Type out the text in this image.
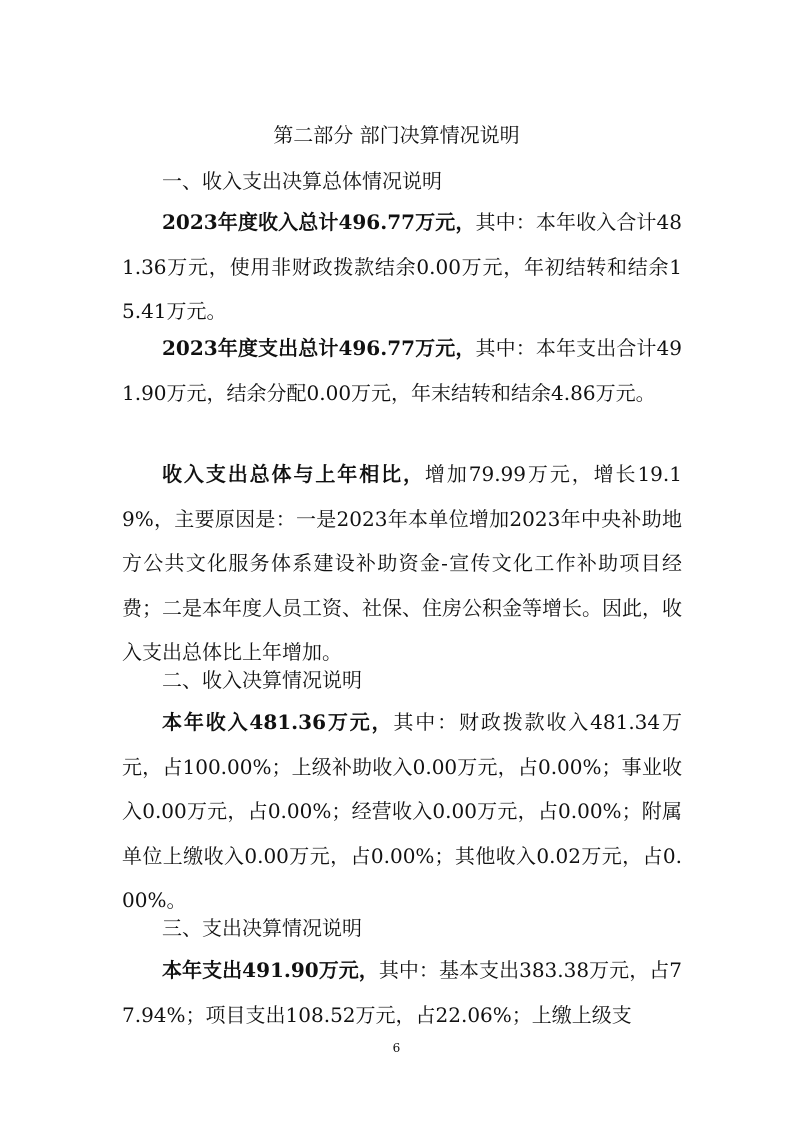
第二部分 部门决算情况说明
一、收入支出决算总体情况说明

2023年度收入总计496.77万元，其中：本年收入合计481.36万元，使用非财政拨款结余0.00万元，年初结转和结余15.41万元。

2023年度支出总计496.77万元，其中：本年支出合计491.90万元，结余分配0.00万元，年末结转和结余4.86万元。

收入支出总体与上年相比，增加79.99万元，增长19.19%，主要原因是：一是2023年本单位增加2023年中央补助地方公共文化服务体系建设补助资金-宣传文化工作补助项目经费；二是本年度人员工资、社保、住房公积金等增长。因此，收入支出总体比上年增加。

二、收入决算情况说明

本年收入481.36万元，其中：财政拨款收入481.34万元，占100.00%；上级补助收入0.00万元，占0.00%；事业收入0.00万元，占0.00%；经营收入0.00万元，占0.00%；附属单位上缴收入0.00万元，占0.00%；其他收入0.02万元，占0.00%。

三、支出决算情况说明

本年支出491.90万元，其中：基本支出383.38万元，占77.94%；项目支出108.52万元，占22.06%；上缴上级支

6
